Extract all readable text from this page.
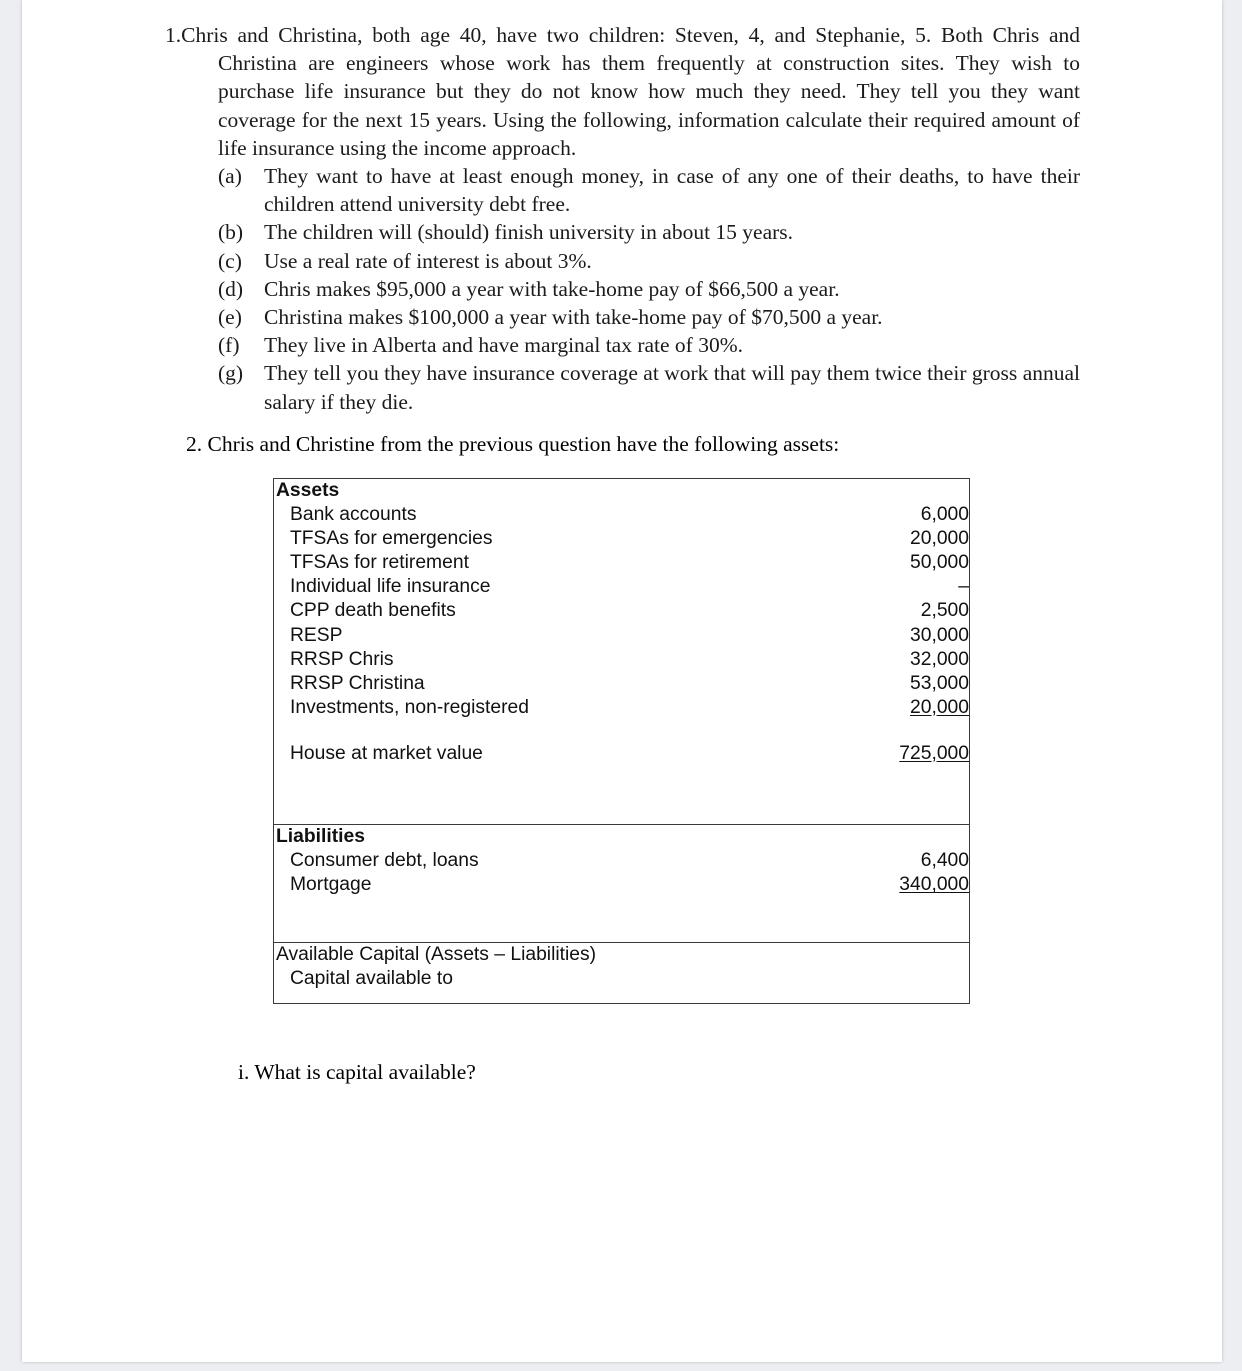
1.Chris and Christina, both age 40, have two children: Steven, 4, and Stephanie, 5. Both Chris and Christina are engineers whose work has them frequently at construction sites. They wish to purchase life insurance but they do not know how much they need. They tell you they want coverage for the next 15 years. Using the following, information calculate their required amount of life insurance using the income approach.

(a)	They want to have at least enough money, in case of any one of their deaths, to have their children attend university debt free.
(b) The children will (should) finish university in about 15 years.
(c)	Use a real rate of interest is about 3%.
(d) Chris makes $95,000 a year with take-home pay of $66,500 a year.
(e)	Christina makes $100,000 a year with take-home pay of $70,500 a year.
(f)	They live in Alberta and have marginal tax rate of 30%.
(g) They tell you they have insurance coverage at work that will pay them twice their gross annual salary if they die.

2. Chris and Christine from the previous question have the following assets:

Assets
Bank accounts	6,000
TFSAs for emergencies	20,000
TFSAs for retirement	50,000
Individual life insurance	–
CPP death benefits	2,500
RESP	30,000
RRSP Chris	32,000
RRSP Christina	53,000
Investments, non-registered	20,000
House at market value	725,000
Liabilities
Consumer debt, loans	6,400
Mortgage	340,000
Available Capital (Assets – Liabilities)
Capital available to

i. What is capital available?
